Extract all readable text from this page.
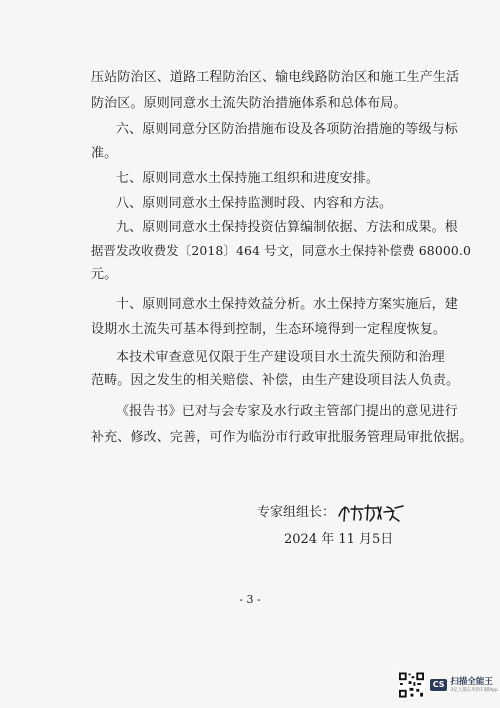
压站防治区、道路工程防治区、输电线路防治区和施工生产生活
防治区。原则同意水土流失防治措施体系和总体布局。
六、原则同意分区防治措施布设及各项防治措施的等级与标
准。
七、原则同意水土保持施工组织和进度安排。
八、原则同意水土保持监测时段、内容和方法。
九、原则同意水土保持投资估算编制依据、方法和成果。根
据晋发改收费发〔2018〕464 号文，同意水土保持补偿费 68000.0
元。
十、原则同意水土保持效益分析。水土保持方案实施后，建
设期水土流失可基本得到控制，生态环境得到一定程度恢复。
本技术审查意见仅限于生产建设项目水土流失预防和治理
范畴。因之发生的相关赔偿、补偿，由生产建设项目法人负责。
《报告书》已对与会专家及水行政主管部门提出的意见进行
补充、修改、完善，可作为临汾市行政审批服务管理局审批依据。
专家组组长：
2024 年 11 月5日
- 3 -
CS 扫描全能王
3亿人都在用的扫描App
